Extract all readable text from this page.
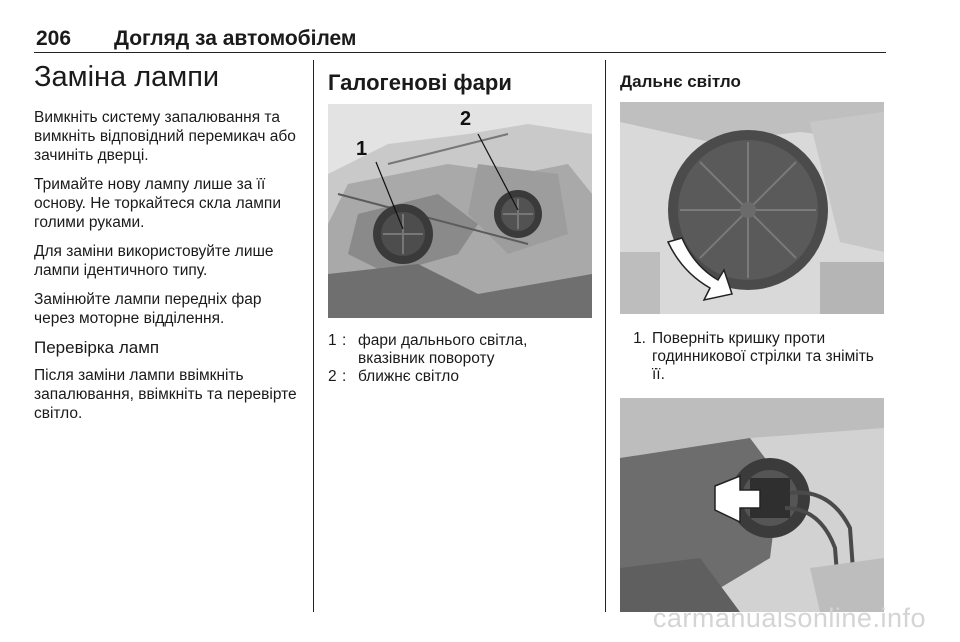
206 Догляд за автомобілем
Заміна лампи

Вимкніть систему запалювання та вимкніть відповідний перемикач або зачиніть дверці.

Тримайте нову лампу лише за її основу. Не торкайтеся скла лампи голими руками.

Для заміни використовуйте лише лампи ідентичного типу.

Замінюйте лампи передніх фар через моторне відділення.

Перевірка ламп

Після заміни лампи ввімкніть запалювання, ввімкніть та перевірте світло.

Галогенові фари
1
2
1 : фари дальнього світла, вказівник повороту
2 : ближнє світло
Дальнє світло
1. Поверніть кришку проти годинникової стрілки та зніміть її.
carmanualsonline.info
